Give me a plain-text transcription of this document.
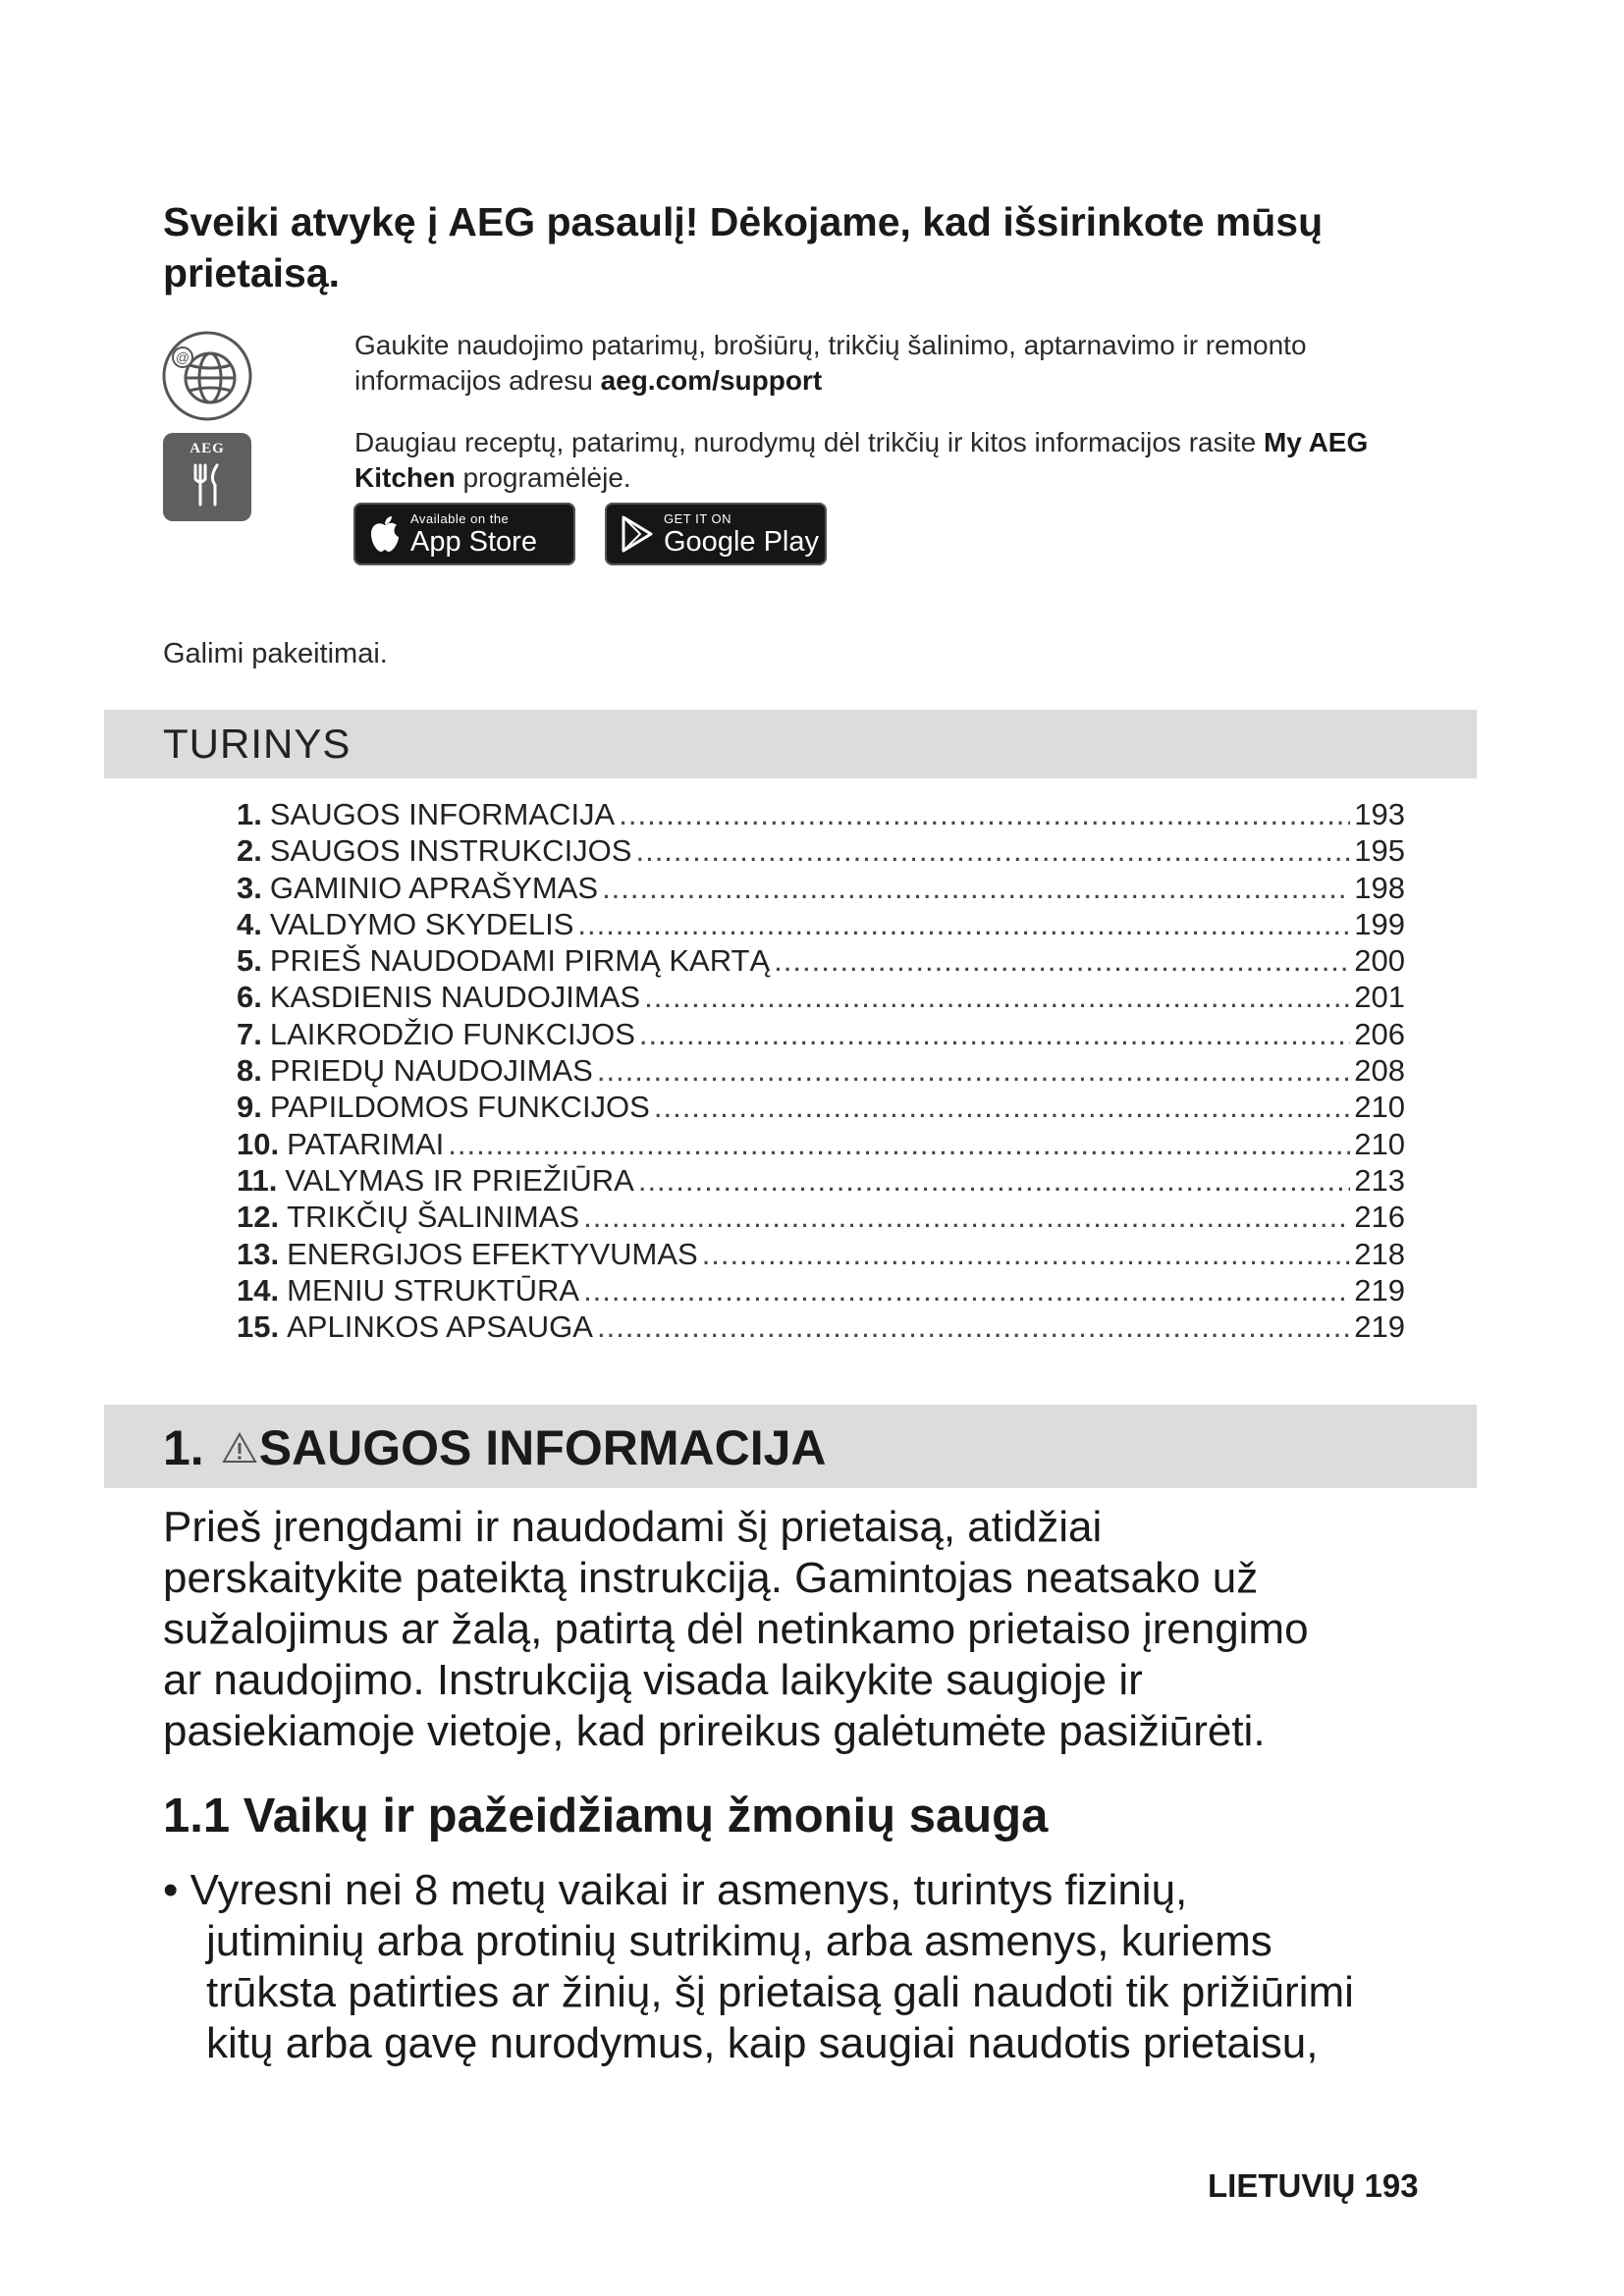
Sveiki atvykę į AEG pasaulį! Dėkojame, kad išsirinkote mūsų
prietaisą.
@	Gaukite naudojimo patarimų, brošiūrų, trikčių šalinimo, aptarnavimo ir remonto
informacijos adresu aeg.com/support
AEG	Daugiau receptų, patarimų, nurodymų dėl trikčių ir kitos informacijos rasite My AEG
Kitchen programėlėje.
Available on the
App Store
GET IT ON
Google Play
Galimi pakeitimai.
TURINYS
1. SAUGOS INFORMACIJA .....	193
2. SAUGOS INSTRUKCIJOS .....	195
3. GAMINIO APRAŠYMAS .....	198
4. VALDYMO SKYDELIS .....	199
5. PRIEŠ NAUDODAMI PIRMĄ KARTĄ .....	200
6. KASDIENIS NAUDOJIMAS .....	201
7. LAIKRODŽIO FUNKCIJOS .....	206
8. PRIEDŲ NAUDOJIMAS .....	208
9. PAPILDOMOS FUNKCIJOS .....	210
10. PATARIMAI .....	210
11. VALYMAS IR PRIEŽIŪRA .....	213
12. TRIKČIŲ ŠALINIMAS .....	216
13. ENERGIJOS EFEKTYVUMAS .....	218
14. MENIU STRUKTŪRA .....	219
15. APLINKOS APSAUGA .....	219
1. SAUGOS INFORMACIJA

Prieš įrengdami ir naudodami šį prietaisą, atidžiai
perskaitykite pateiktą instrukciją. Gamintojas neatsako už
sužalojimus ar žalą, patirtą dėl netinkamo prietaiso įrengimo
ar naudojimo. Instrukciją visada laikykite saugioje ir
pasiekiamoje vietoje, kad prireikus galėtumėte pasižiūrėti.

1.1 Vaikų ir pažeidžiamų žmonių sauga

• Vyresni nei 8 metų vaikai ir asmenys, turintys fizinių,
jutiminių arba protinių sutrikimų, arba asmenys, kuriems
trūksta patirties ar žinių, šį prietaisą gali naudoti tik prižiūrimi
kitų arba gavę nurodymus, kaip saugiai naudotis prietaisu,

LIETUVIŲ 193
